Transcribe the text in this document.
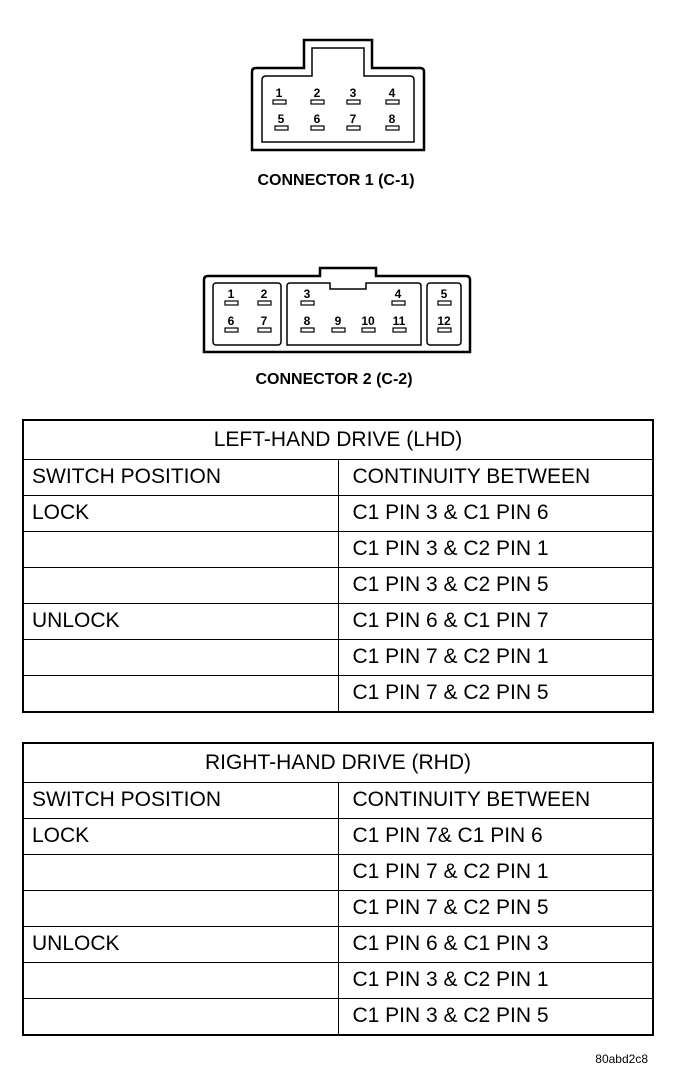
1	2 3	4
5 6 7	8
CONNECTOR 1 (C-1)
1 2
6 7
3	4
8 9 10 11
5
12
CONNECTOR 2 (C-2)
LEFT-HAND DRIVE (LHD)	
SWITCH POSITION	CONTINUITY BETWEEN
LOCK	C1 PIN 3 & C1 PIN 6
	C1 PIN 3 & C2 PIN 1
	C1 PIN 3 & C2 PIN 5
UNLOCK	C1 PIN 6 & C1 PIN 7
	C1 PIN 7 & C2 PIN 1
	C1 PIN 7 & C2 PIN 5
RIGHT-HAND DRIVE (RHD)	
SWITCH POSITION	CONTINUITY BETWEEN
LOCK	C1 PIN 7& C1 PIN 6
	C1 PIN 7 & C2 PIN 1
	C1 PIN 7 & C2 PIN 5
UNLOCK	C1 PIN 6 & C1 PIN 3
	C1 PIN 3 & C2 PIN 1
	C1 PIN 3 & C2 PIN 5
80abd2c8
